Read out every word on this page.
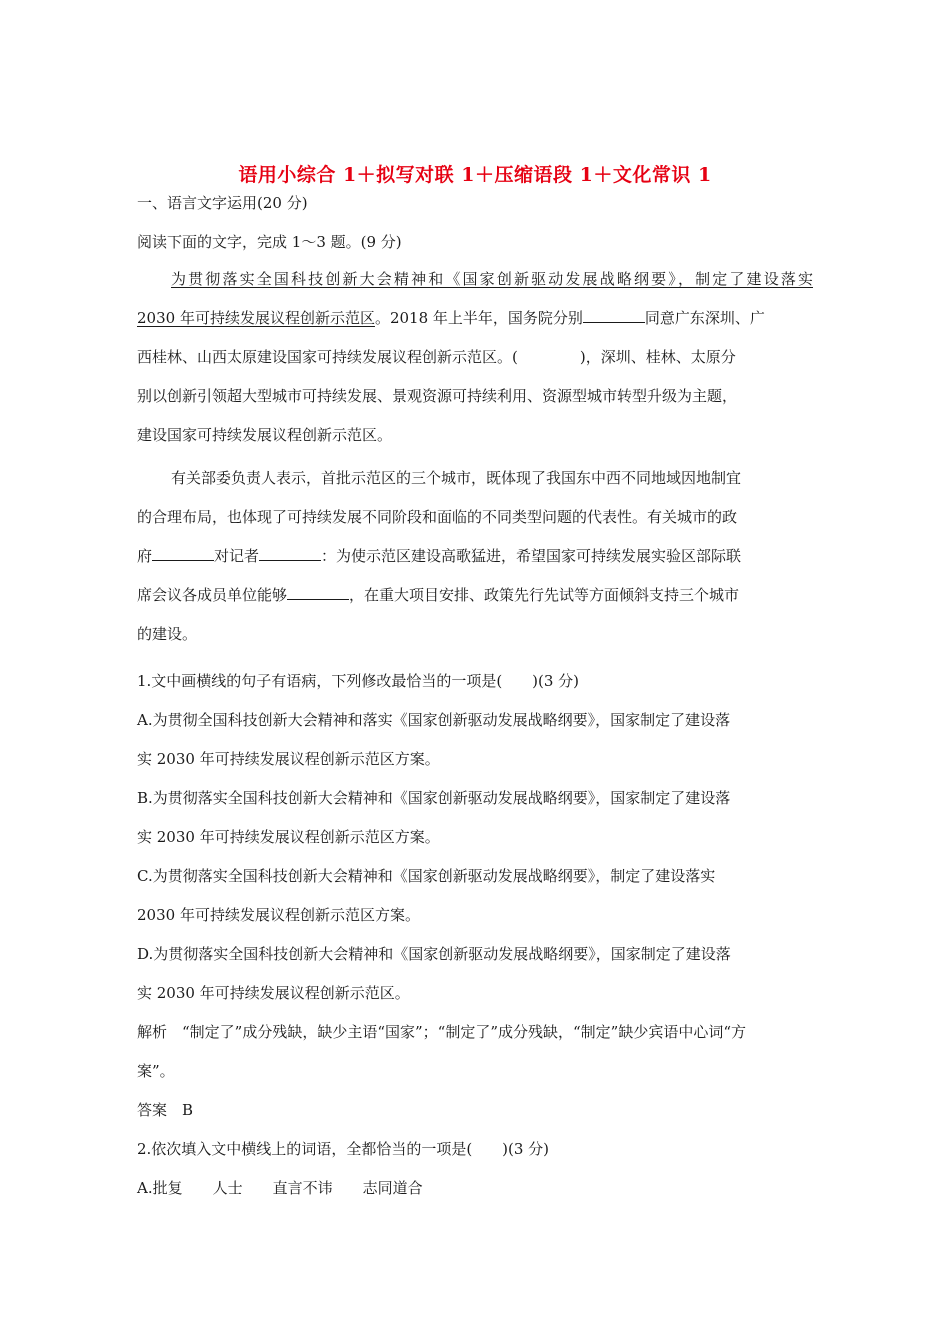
语用小综合 1＋拟写对联 1＋压缩语段 1＋文化常识 1
一、语言文字运用(20 分)
阅读下面的文字，完成 1～3 题。(9 分)
为贯彻落实全国科技创新大会精神和《国家创新驱动发展战略纲要》，制定了建设落实
2030 年可持续发展议程创新示范区。2018 年上半年，国务院分别	同意广东深圳、广
西桂林、山西太原建设国家可持续发展议程创新示范区。(	)，深圳、桂林、太原分
别以创新引领超大型城市可持续发展、景观资源可持续利用、资源型城市转型升级为主题，
建设国家可持续发展议程创新示范区。
有关部委负责人表示，首批示范区的三个城市，既体现了我国东中西不同地域因地制宜
的合理布局，也体现了可持续发展不同阶段和面临的不同类型问题的代表性。有关城市的政
府	对记者	：为使示范区建设高歌猛进，希望国家可持续发展实验区部际联
席会议各成员单位能够	，在重大项目安排、政策先行先试等方面倾斜支持三个城市
的建设。
1.文中画横线的句子有语病，下列修改最恰当的一项是(　　)(3 分)
A.为贯彻全国科技创新大会精神和落实《国家创新驱动发展战略纲要》，国家制定了建设落
实 2030 年可持续发展议程创新示范区方案。
B.为贯彻落实全国科技创新大会精神和《国家创新驱动发展战略纲要》，国家制定了建设落
实 2030 年可持续发展议程创新示范区方案。
C.为贯彻落实全国科技创新大会精神和《国家创新驱动发展战略纲要》，制定了建设落实
2030 年可持续发展议程创新示范区方案。
D.为贯彻落实全国科技创新大会精神和《国家创新驱动发展战略纲要》，国家制定了建设落
实 2030 年可持续发展议程创新示范区。
解析　“制定了”成分残缺，缺少主语“国家”；“制定了”成分残缺，“制定”缺少宾语中心词“方
案”。
答案　B
2.依次填入文中横线上的词语，全都恰当的一项是(　　)(3 分)
A.批复　　人士　　直言不讳　　志同道合
